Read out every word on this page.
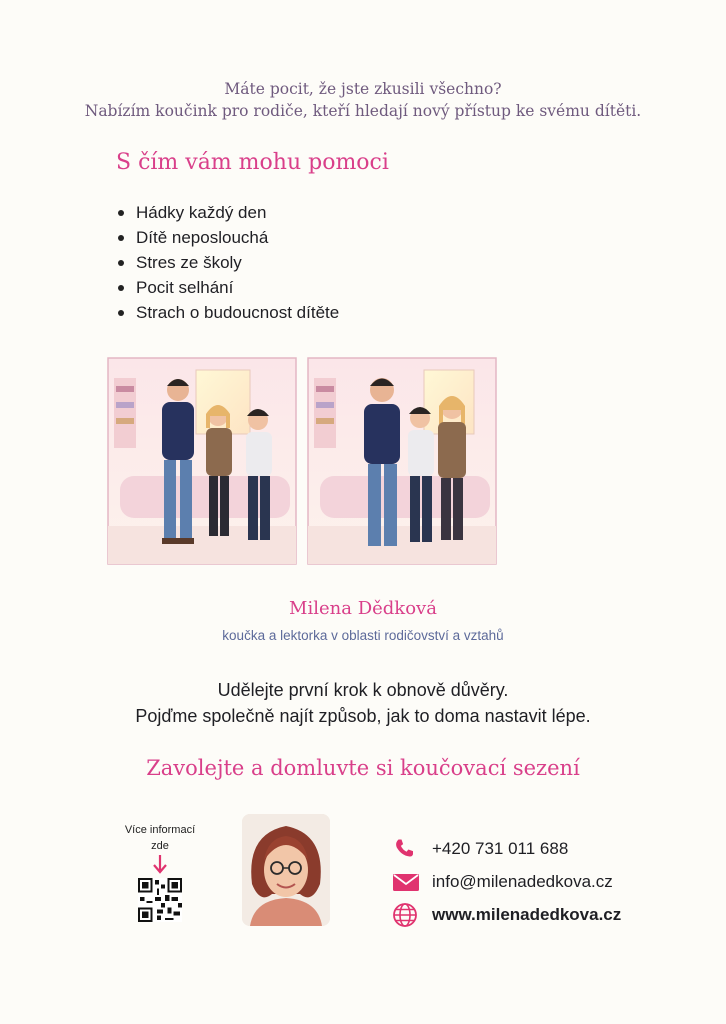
Máte pocit, že jste zkusili všechno?
Nabízím koučink pro rodiče, kteří hledají nový přístup ke svému dítěti.
S čím vám mohu pomoci
Hádky každý den
Dítě neposlouchá
Stres ze školy
Pocit selhání
Strach o budoucnost dítěte
Milena Dědková
koučka a lektorka v oblasti rodičovství a vztahů
Udělejte první krok k obnově důvěry.
Pojďme společně najít způsob, jak to doma nastavit lépe.
Zavolejte a domluvte si koučovací sezení
Více informací
zde	+420 731 011 688
info@milenadedkova.cz
www.milenadedkova.cz
